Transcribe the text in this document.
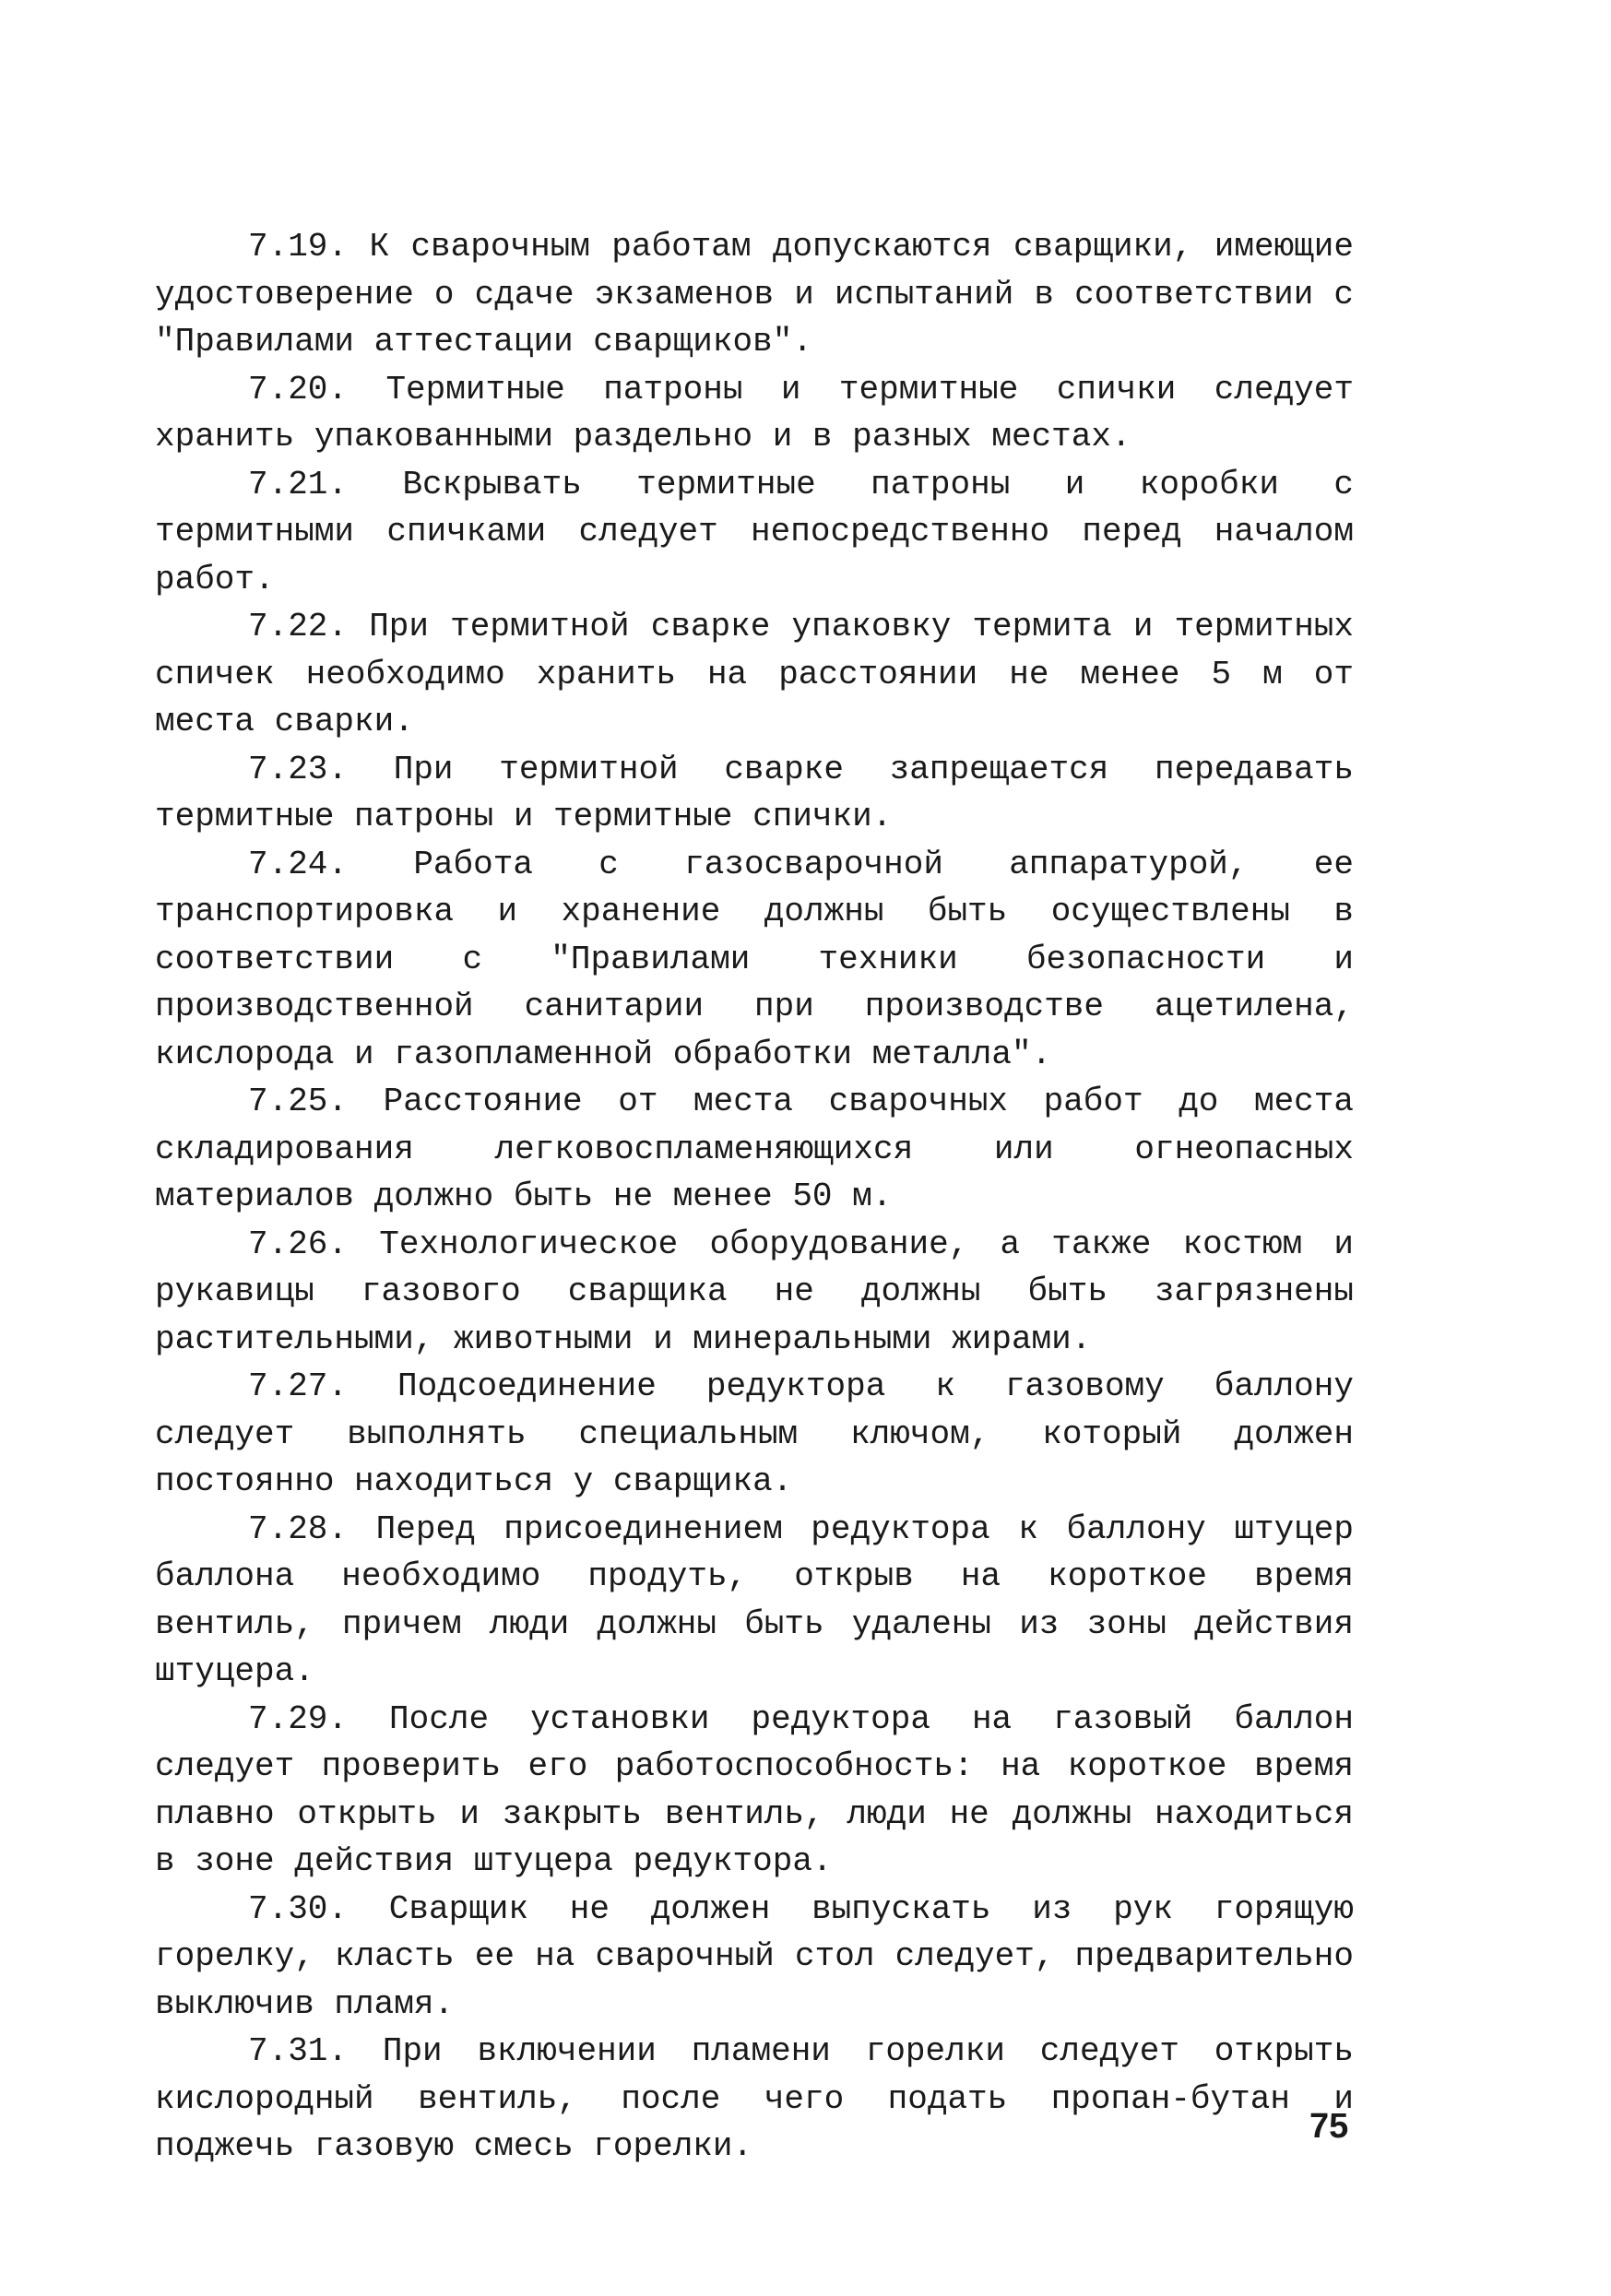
7.19. К сварочным работам допускаются сварщики, имеющие удостоверение о сдаче экзаменов и испытаний в соответствии с "Правилами аттестации сварщиков".

7.20. Термитные патроны и термитные спички следует хранить упакованными раздельно и в разных местах.

7.21. Вскрывать термитные патроны и коробки с термитными спичками следует непосредственно перед началом работ.

7.22. При термитной сварке упаковку термита и термитных спичек необходимо хранить на расстоянии не менее 5 м от места сварки.

7.23. При термитной сварке запрещается передавать термитные патроны и термитные спички.

7.24. Работа с газосварочной аппаратурой, ее транспортировка и хранение должны быть осуществлены в соответствии с "Правилами техники безопасности и производственной санитарии при производстве ацетилена, кислорода и газопламенной обработки металла".

7.25. Расстояние от места сварочных работ до места складирования легковоспламеняющихся или огнеопасных материалов должно быть не менее 50 м.

7.26. Технологическое оборудование, а также костюм и рукавицы газового сварщика не должны быть загрязнены растительными, животными и минеральными жирами.

7.27. Подсоединение редуктора к газовому баллону следует выполнять специальным ключом, который должен постоянно находиться у сварщика.

7.28. Перед присоединением редуктора к баллону штуцер баллона необходимо продуть, открыв на короткое время вентиль, причем люди должны быть удалены из зоны действия штуцера.

7.29. После установки редуктора на газовый баллон следует проверить его работоспособность: на короткое время плавно открыть и закрыть вентиль, люди не должны находиться в зоне действия штуцера редуктора.

7.30. Сварщик не должен выпускать из рук горящую горелку, класть ее на сварочный стол следует, предварительно выключив пламя.

7.31. При включении пламени горелки следует открыть кислородный вентиль, после чего подать пропан-бутан и поджечь газовую смесь горелки.

75
